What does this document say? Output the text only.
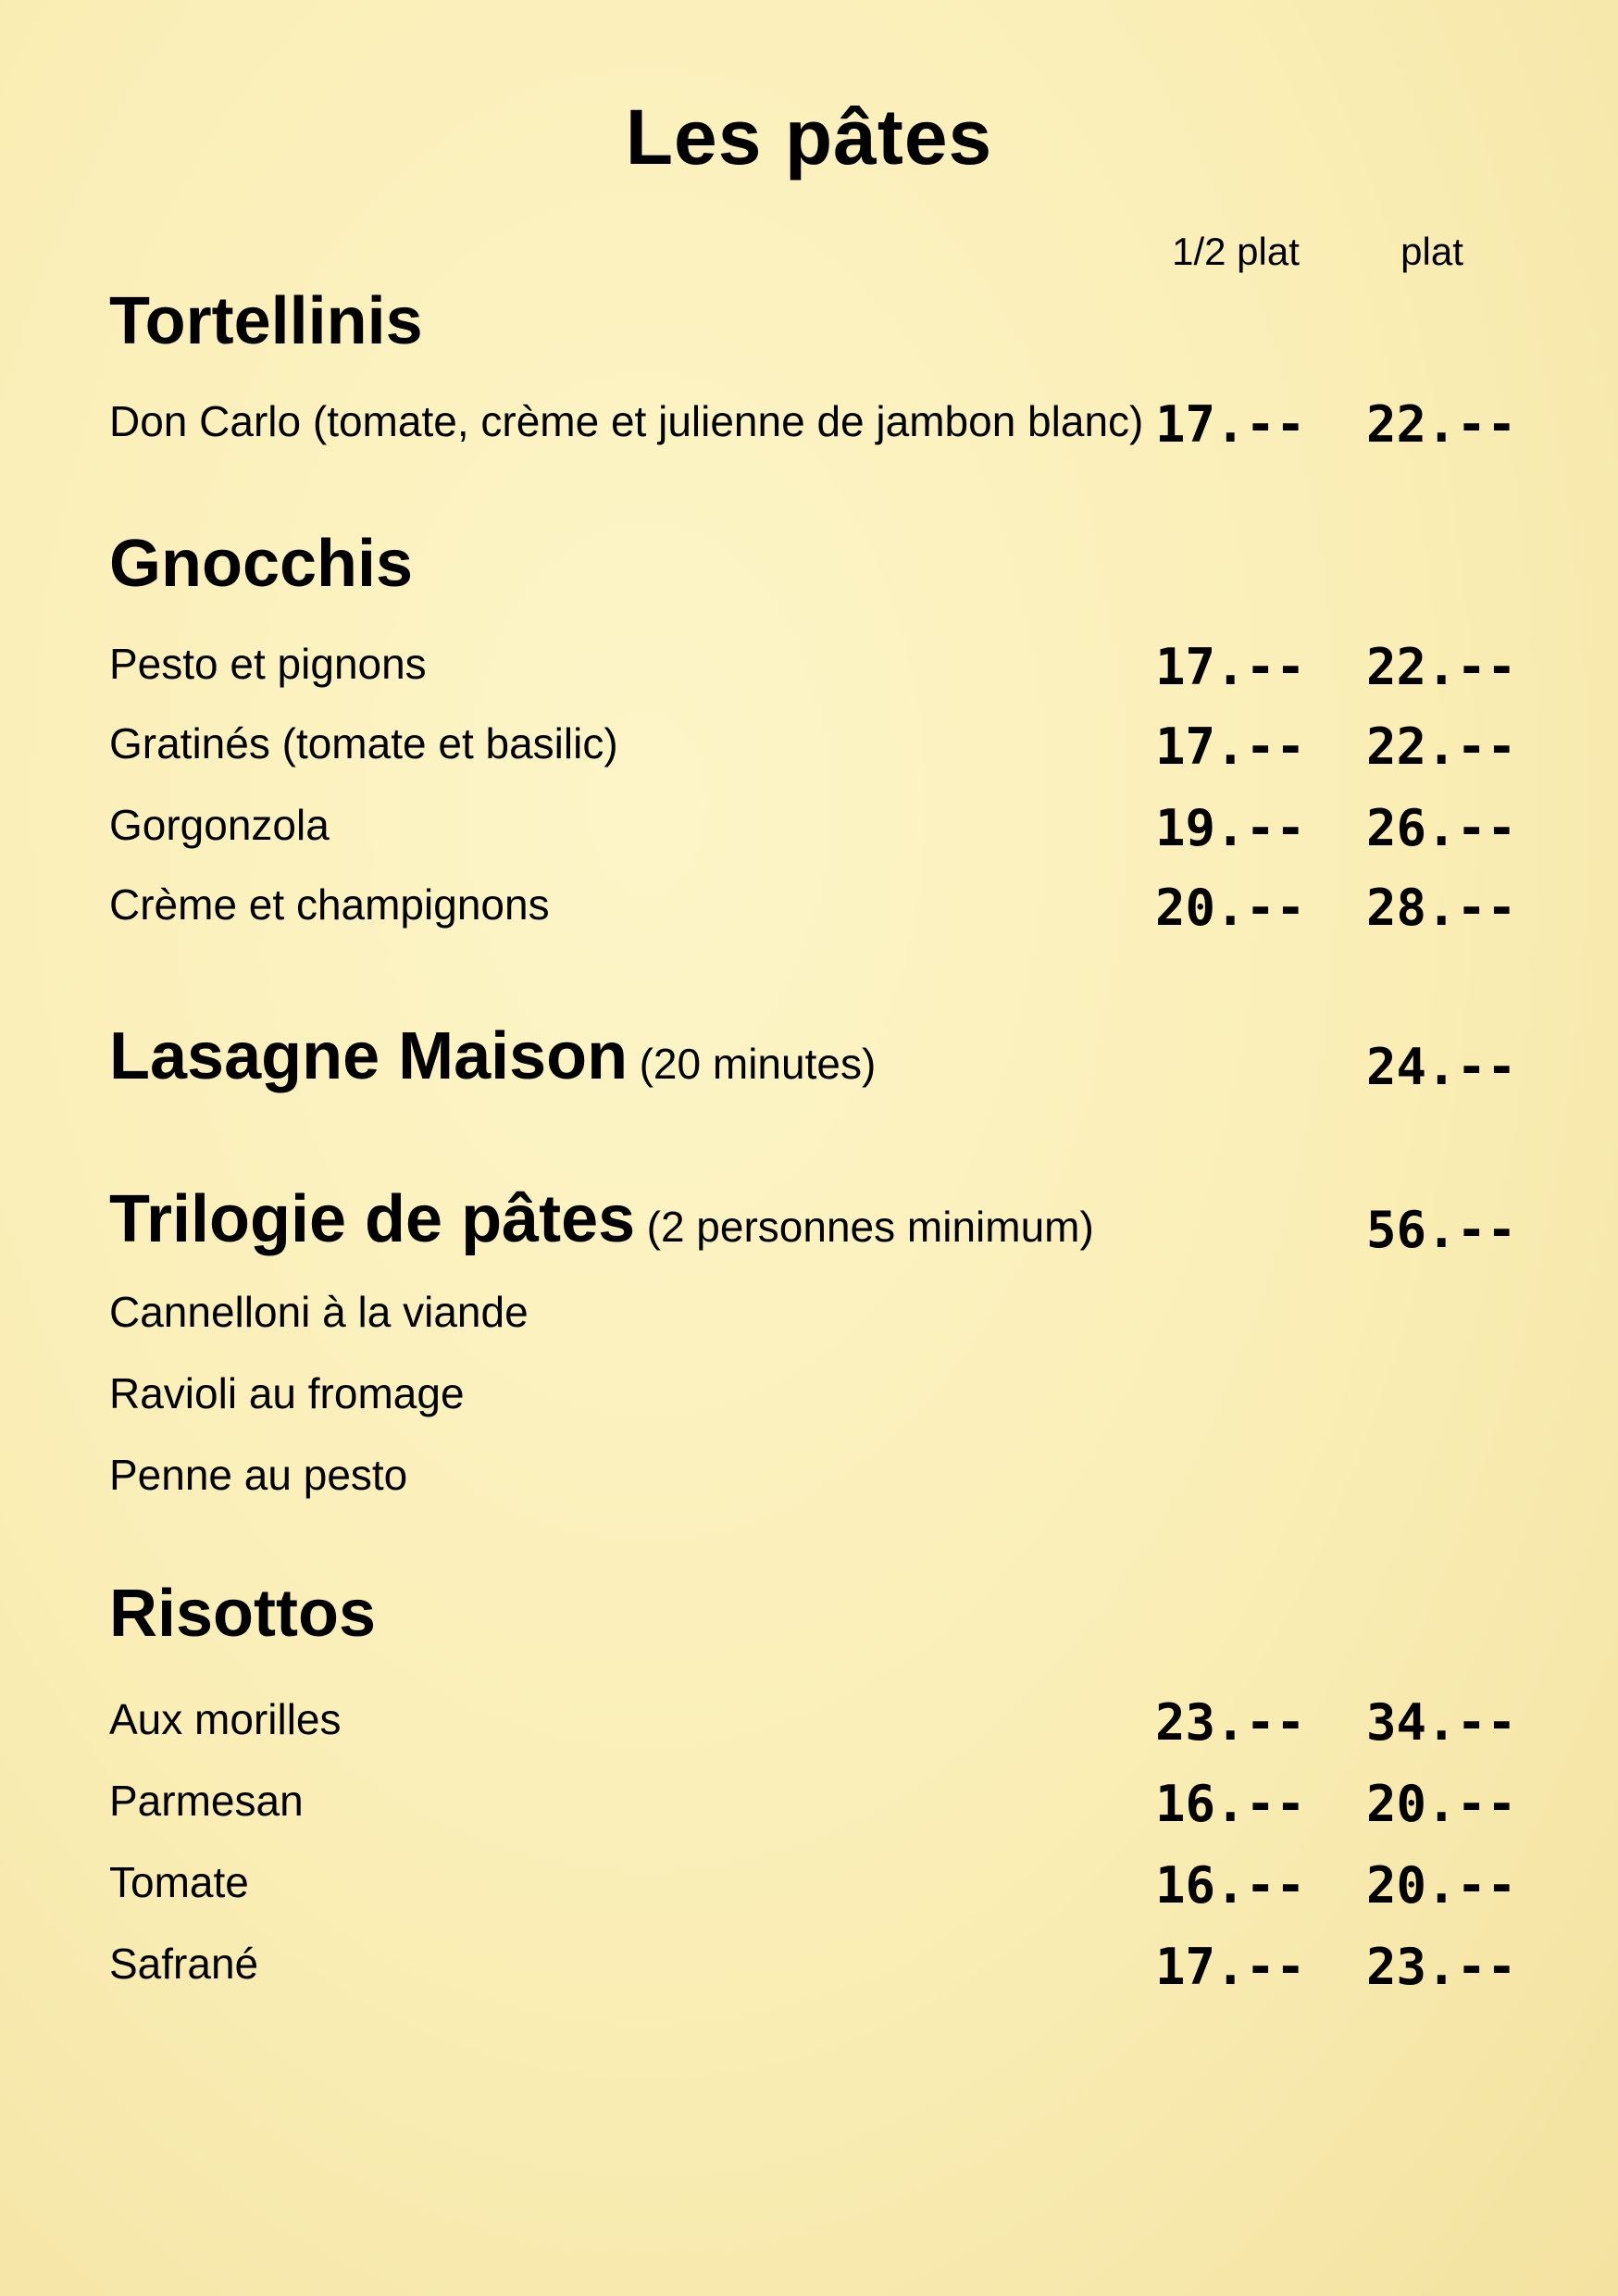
Les pâtes
1/2 plat	plat
Tortellinis
Don Carlo (tomate, crème et julienne de jambon blanc) 17.--	22.--
Gnocchis
Pesto et pignons	17.--	22.--
Gratinés (tomate et basilic)	17.--	22.--
Gorgonzola	19.--	26.--
Crème et champignons	20.--	28.--
Lasagne Maison (20 minutes)	24.--
Trilogie de pâtes (2 personnes minimum)	56.--
Cannelloni à la viande
Ravioli au fromage
Penne au pesto
Risottos
Aux morilles	23.--	34.--
Parmesan	16.--	20.--
Tomate	16.--	20.--
Safrané	17.--	23.--
